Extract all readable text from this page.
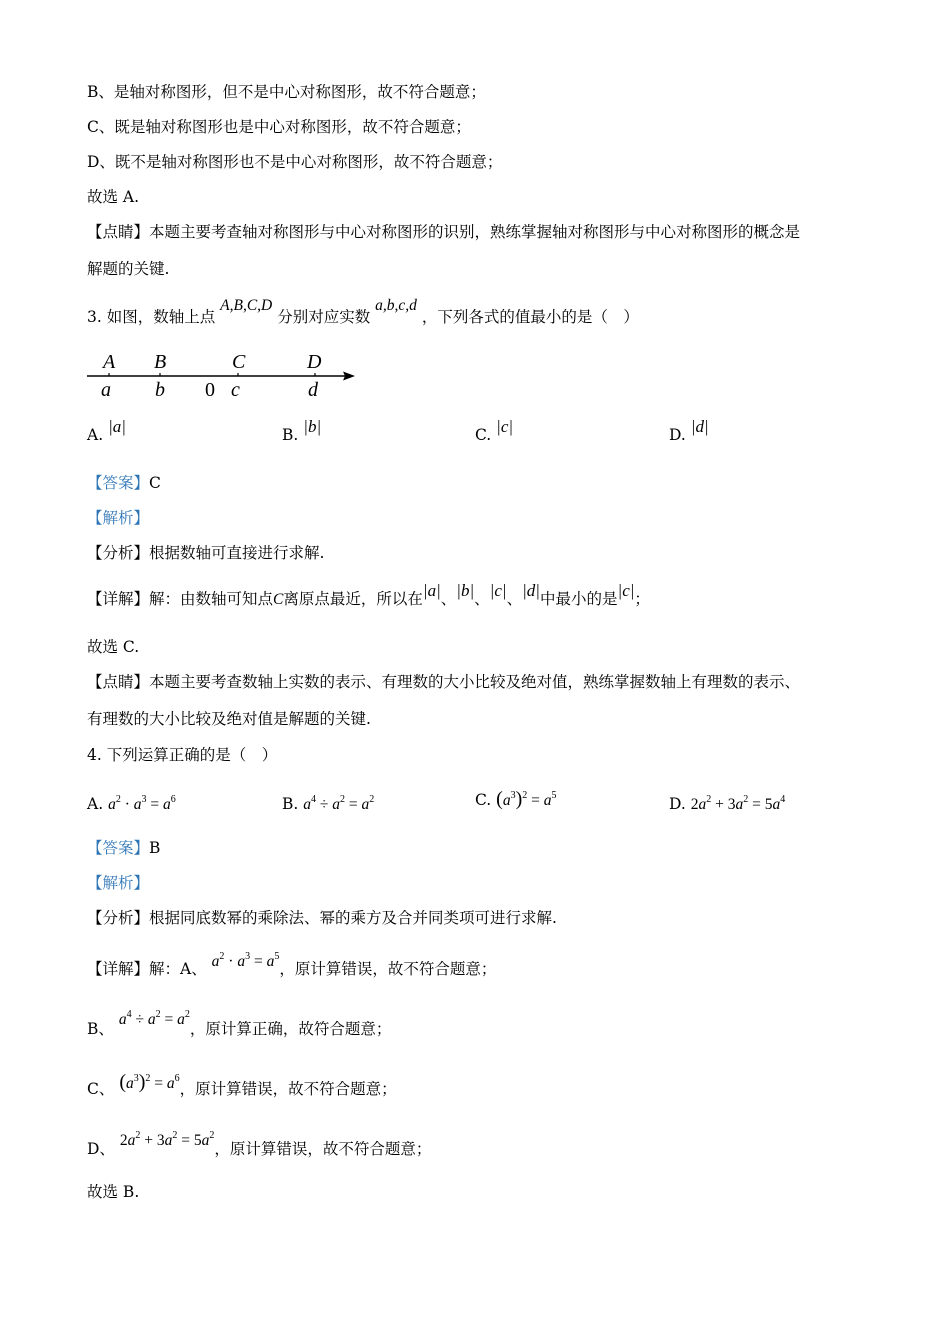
B、是轴对称图形，但不是中心对称图形，故不符合题意；
C、既是轴对称图形也是中心对称图形，故不符合题意；
D、既不是轴对称图形也不是中心对称图形，故不符合题意；
故选 A.
【点睛】本题主要考查轴对称图形与中心对称图形的识别，熟练掌握轴对称图形与中心对称图形的概念是
解题的关键.
3. 如图，数轴上点 A,B,C,D 分别对应实数 a,b,c,d ，下列各式的值最小的是（　）
A B	C	D
a b 0 c	d
A. |a|	B. |b|	C. |c|	D. |d|
【答案】C
【解析】
【分析】根据数轴可直接进行求解.
【详解】解：由数轴可知点C离原点最近，所以在|a|、|b|、|c|、|d|中最小的是|c|；
故选 C.
【点睛】本题主要考查数轴上实数的表示、有理数的大小比较及绝对值，熟练掌握数轴上有理数的表示、
有理数的大小比较及绝对值是解题的关键.
4. 下列运算正确的是（　）
A. $a^2 \cdot a^3 = a^6$	B. $a^4 \div a^2 = a^2$	C. $(a^3)^2 = a^5$	D. $2a^2 + 3a^2 = 5a^4$
【答案】B
【解析】
【分析】根据同底数幂的乘除法、幂的乘方及合并同类项可进行求解.
【详解】解：A、 $a^2 \cdot a^3 = a^5$，原计算错误，故不符合题意；
B、 $a^4 \div a^2 = a^2$，原计算正确，故符合题意；
C、 $(a^3)^2 = a^6$，原计算错误，故不符合题意；
D、 $2a^2 + 3a^2 = 5a^2$，原计算错误，故不符合题意；
故选 B.
